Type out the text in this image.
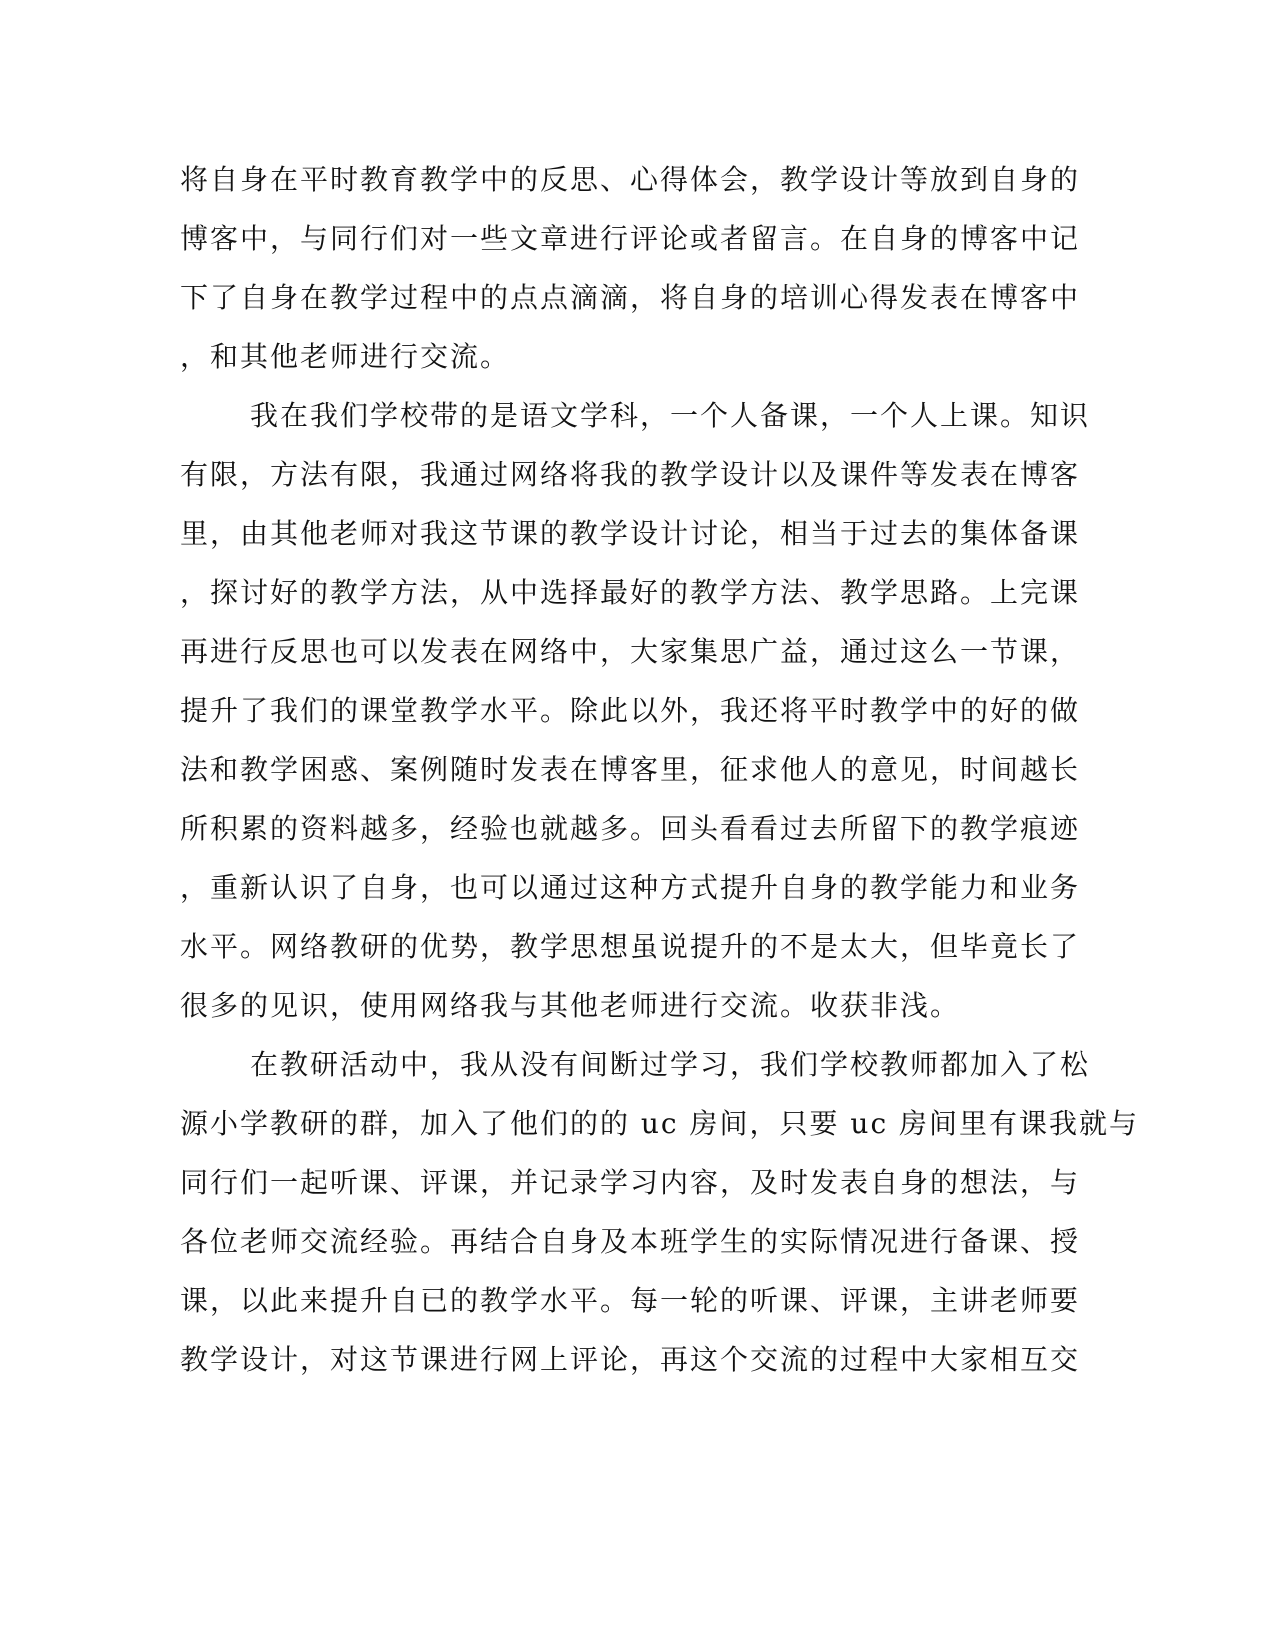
将自身在平时教育教学中的反思、心得体会，教学设计等放到自身的
博客中，与同行们对一些文章进行评论或者留言。在自身的博客中记
下了自身在教学过程中的点点滴滴，将自身的培训心得发表在博客中
，和其他老师进行交流。
我在我们学校带的是语文学科，一个人备课，一个人上课。知识
有限，方法有限，我通过网络将我的教学设计以及课件等发表在博客
里，由其他老师对我这节课的教学设计讨论，相当于过去的集体备课
，探讨好的教学方法，从中选择最好的教学方法、教学思路。上完课
再进行反思也可以发表在网络中，大家集思广益，通过这么一节课，
提升了我们的课堂教学水平。除此以外，我还将平时教学中的好的做
法和教学困惑、案例随时发表在博客里，征求他人的意见，时间越长
所积累的资料越多，经验也就越多。回头看看过去所留下的教学痕迹
，重新认识了自身，也可以通过这种方式提升自身的教学能力和业务
水平。网络教研的优势，教学思想虽说提升的不是太大，但毕竟长了
很多的见识，使用网络我与其他老师进行交流。收获非浅。
在教研活动中，我从没有间断过学习，我们学校教师都加入了松
源小学教研的群，加入了他们的的 uc 房间，只要 uc 房间里有课我就与
同行们一起听课、评课，并记录学习内容，及时发表自身的想法，与
各位老师交流经验。再结合自身及本班学生的实际情况进行备课、授
课，以此来提升自已的教学水平。每一轮的听课、评课，主讲老师要
教学设计，对这节课进行网上评论，再这个交流的过程中大家相互交
